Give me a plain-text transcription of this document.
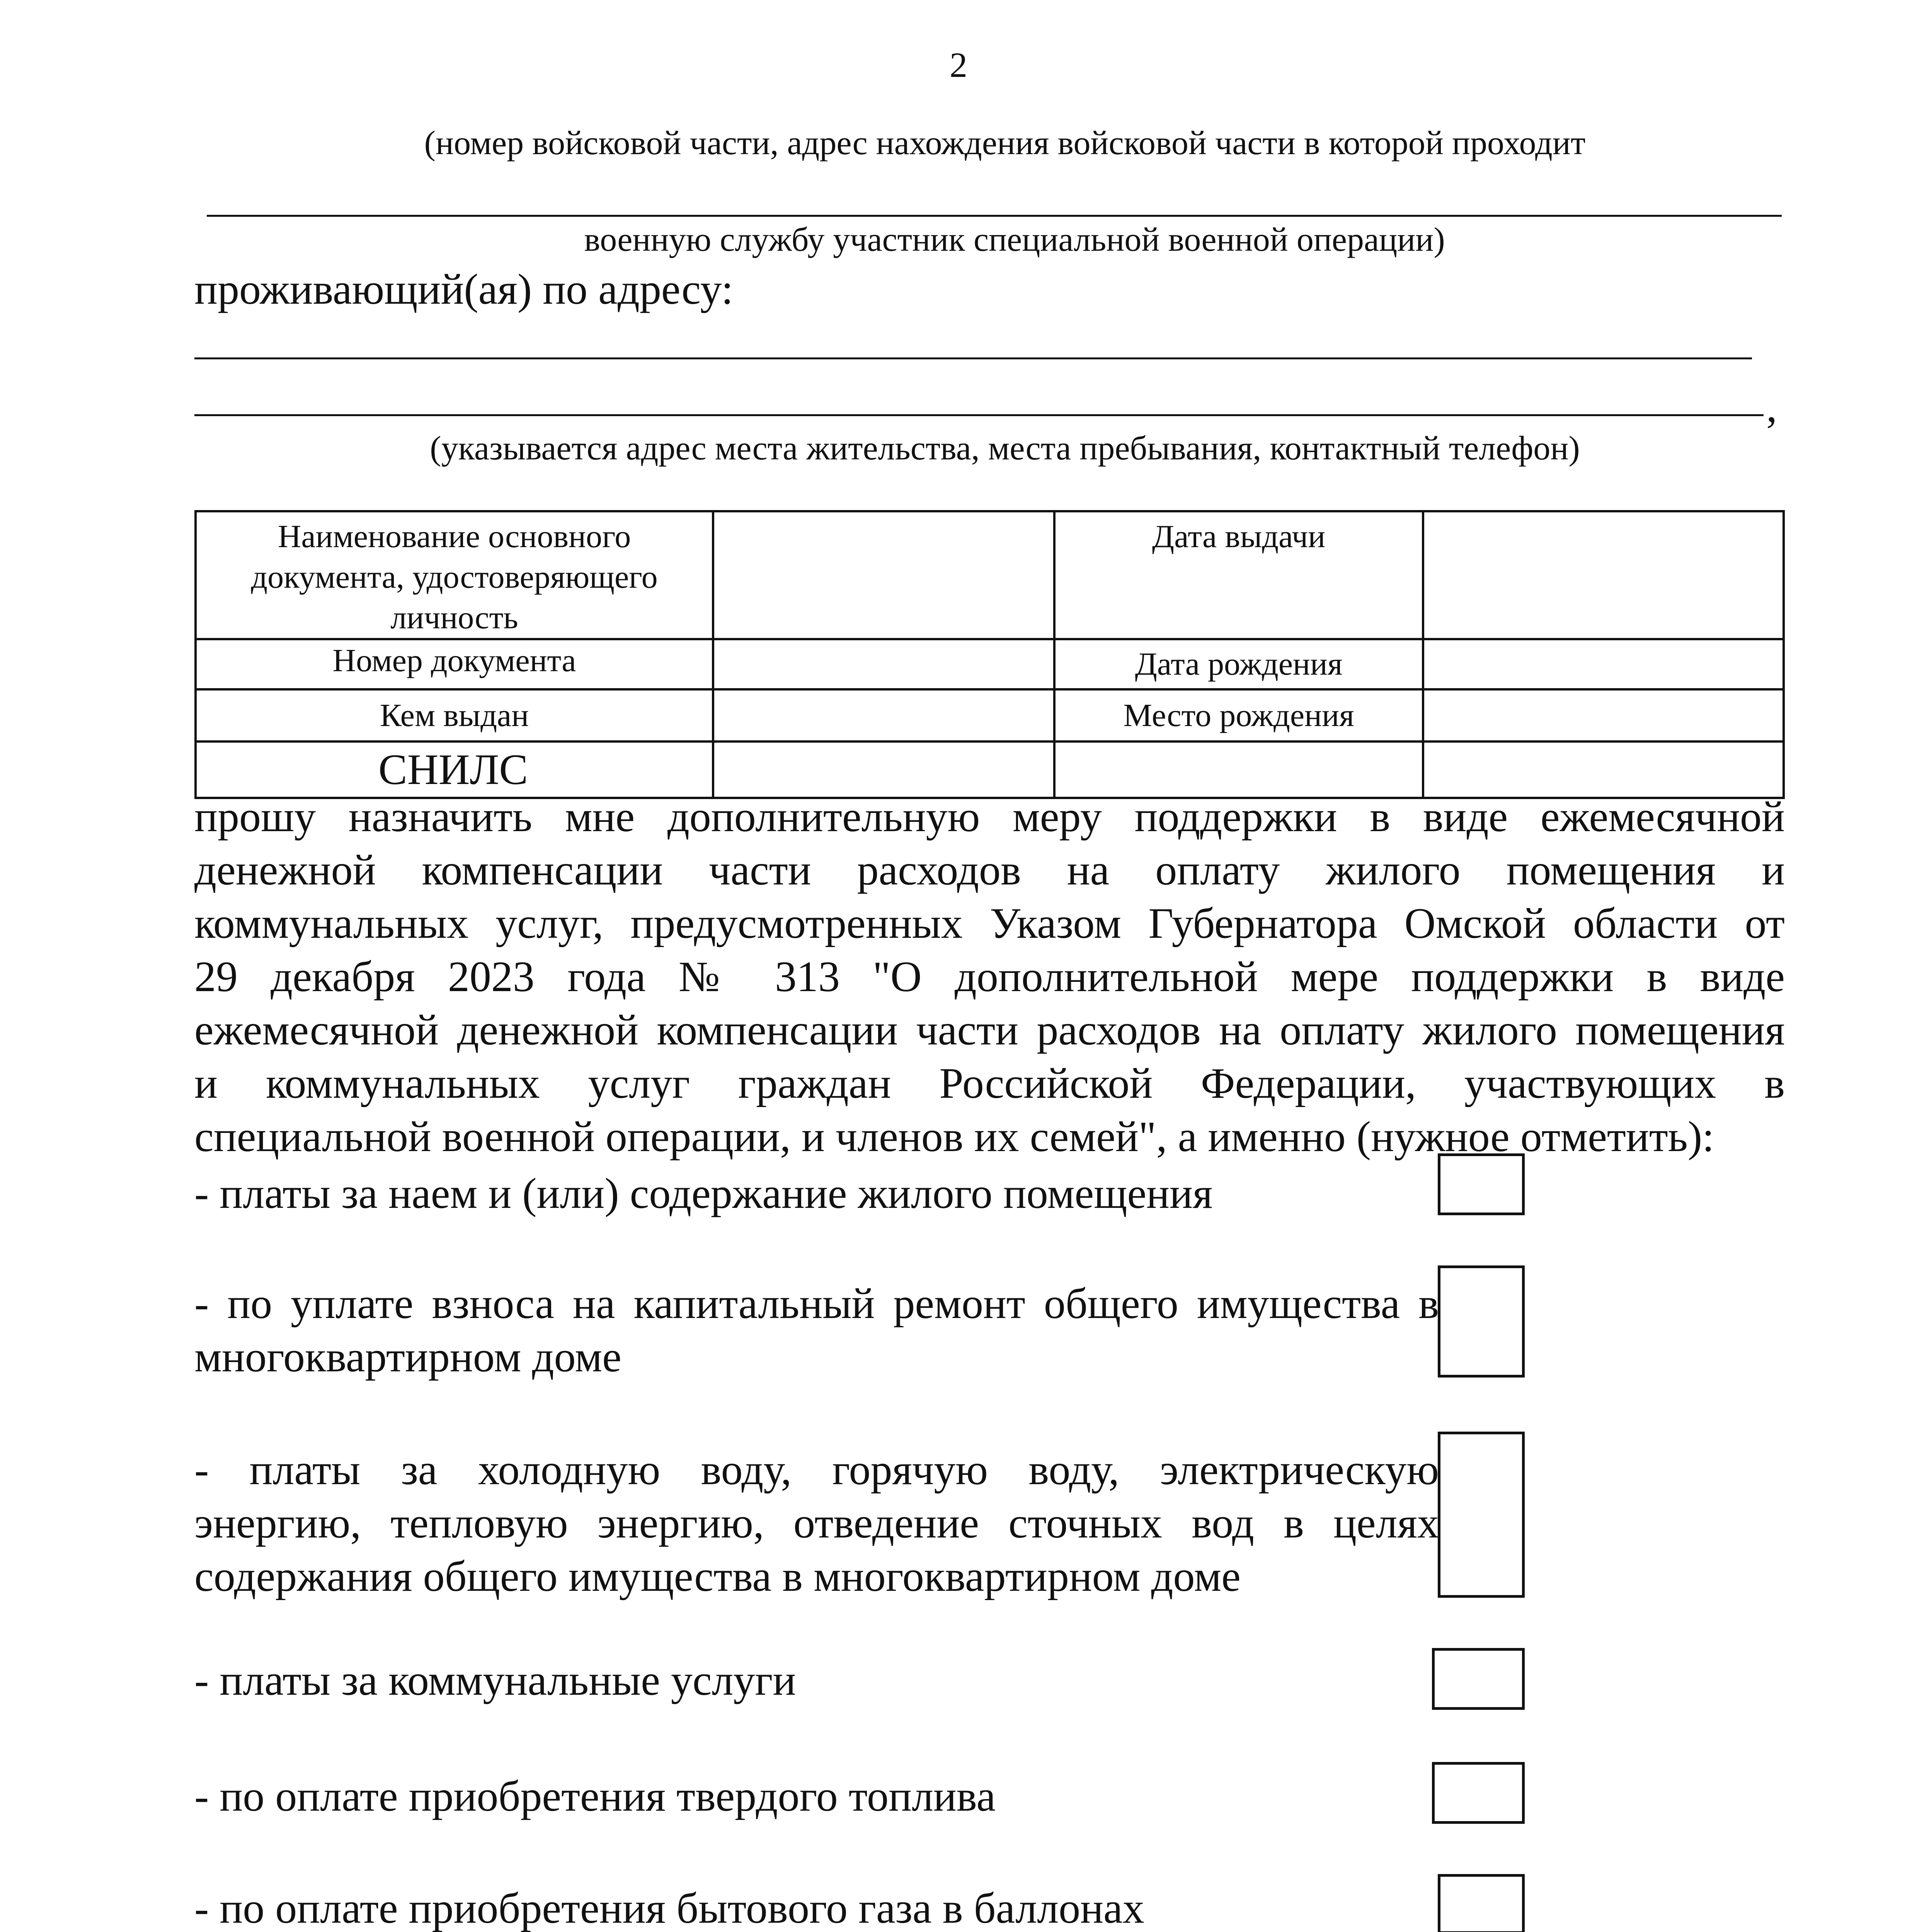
2
(номер войсковой части, адрес нахождения войсковой части в которой проходит
военную службу участник специальной военной операции)
проживающий(ая) по адресу:
,
(указывается адрес места жительства, места пребывания, контактный телефон)
Наименование основного документа, удостоверяющего личность		Дата выдачи	
Номер документа		Дата рождения	
Кем выдан		Место рождения	
СНИЛС			
прошу назначить мне дополнительную меру поддержки в виде ежемесячной
денежной компенсации части расходов на оплату жилого помещения и
коммунальных услуг, предусмотренных Указом Губернатора Омской области от
29 декабря 2023 года № 313 "О дополнительной мере поддержки в виде
ежемесячной денежной компенсации части расходов на оплату жилого помещения
и коммунальных услуг граждан Российской Федерации, участвующих в
специальной военной операции, и членов их семей", а именно (нужное отметить):
- платы за наем и (или) содержание жилого помещения
- по уплате взноса на капитальный ремонт общего имущества в
многоквартирном доме
- платы за холодную воду, горячую воду, электрическую
энергию, тепловую энергию, отведение сточных вод в целях
содержания общего имущества в многоквартирном доме
- платы за коммунальные услуги
- по оплате приобретения твердого топлива
- по оплате приобретения бытового газа в баллонах
